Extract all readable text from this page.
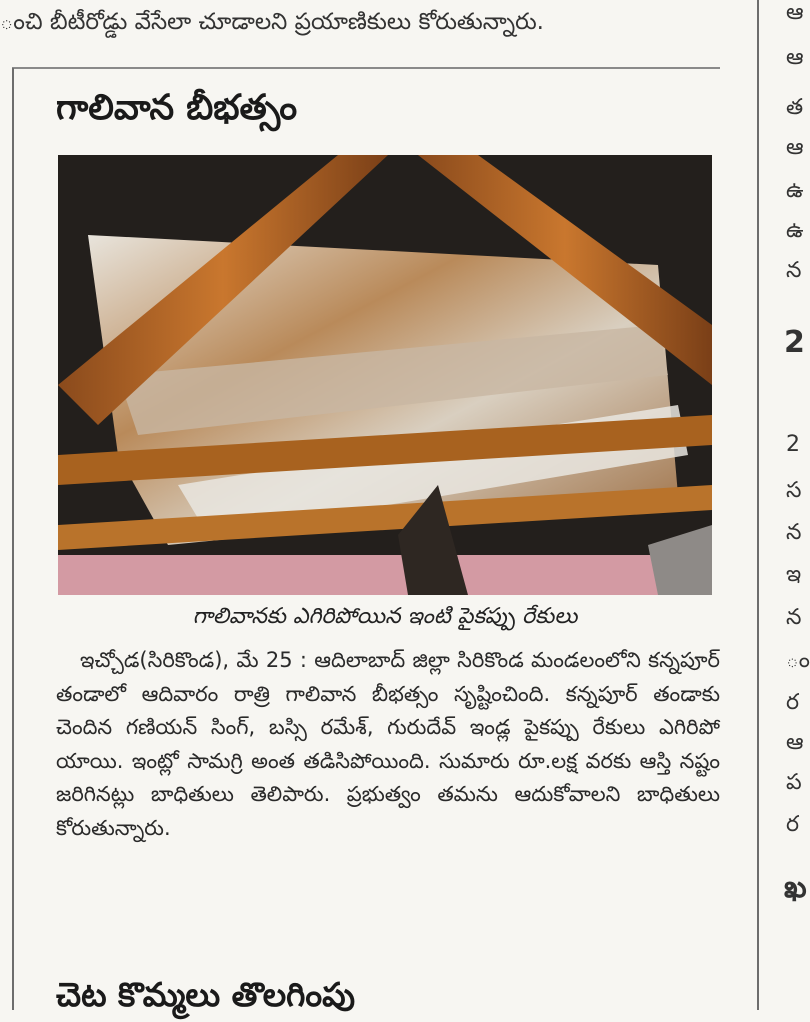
ంచి బీటీరోడ్డు వేసేలా చూడాలని ప్రయాణికులు కోరుతున్నారు.
గాలివాన బీభత్సం
గాలివానకు ఎగిరిపోయిన ఇంటి పైకప్పు రేకులు

ఇచ్చోడ(సిరికొండ), మే 25 : ఆదిలాబాద్ జిల్లా సిరికొండ మండలంలోని కన్నపూర్ తండాలో ఆదివారం రాత్రి గాలివాన బీభత్సం సృష్టించింది. కన్నపూర్ తండాకు చెందిన గణియన్ సింగ్, బస్సి రమేశ్, గురుదేవ్ ఇండ్ల పైకప్పు రేకులు ఎగిరిపో యాయి. ఇంట్లో సామగ్రి అంత తడిసిపోయింది. సుమారు రూ.లక్ష వరకు ఆస్తి నష్టం జరిగినట్లు బాధితులు తెలిపారు. ప్రభుత్వం తమను ఆదుకోవాలని బాధితులు కోరుతున్నారు.

చెట కొమ్మలు తొలగింపు
ఆ
ఆ
త
ఆ
ఉ
ఉ
న
2
2
స
న
ఇ
న
ం
ర
ఆ
ప
ర
ఖ
